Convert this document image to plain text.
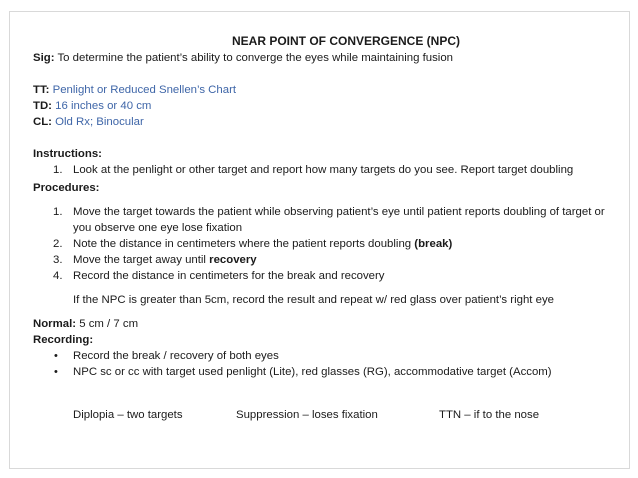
NEAR POINT OF CONVERGENCE (NPC)

Sig: To determine the patient’s ability to converge the eyes while maintaining fusion

TT: Penlight or Reduced Snellen’s Chart

TD: 16 inches or 40 cm

CL: Old Rx; Binocular

Instructions:

1. Look at the penlight or other target and report how many targets do you see. Report target doubling

Procedures:

1. Move the target towards the patient while observing patient’s eye until patient reports doubling of target or you observe one eye lose fixation
2. Note the distance in centimeters where the patient reports doubling (break)
3. Move the target away until recovery
4. Record the distance in centimeters for the break and recovery

If the NPC is greater than 5cm, record the result and repeat w/ red glass over patient’s right eye

Normal: 5 cm / 7 cm

Recording:

• Record the break / recovery of both eyes
• NPC sc or cc with target used penlight (Lite), red glasses (RG), accommodative target (Accom)

Diplopia – two targets	Suppression – loses fixation	TTN – if to the nose
